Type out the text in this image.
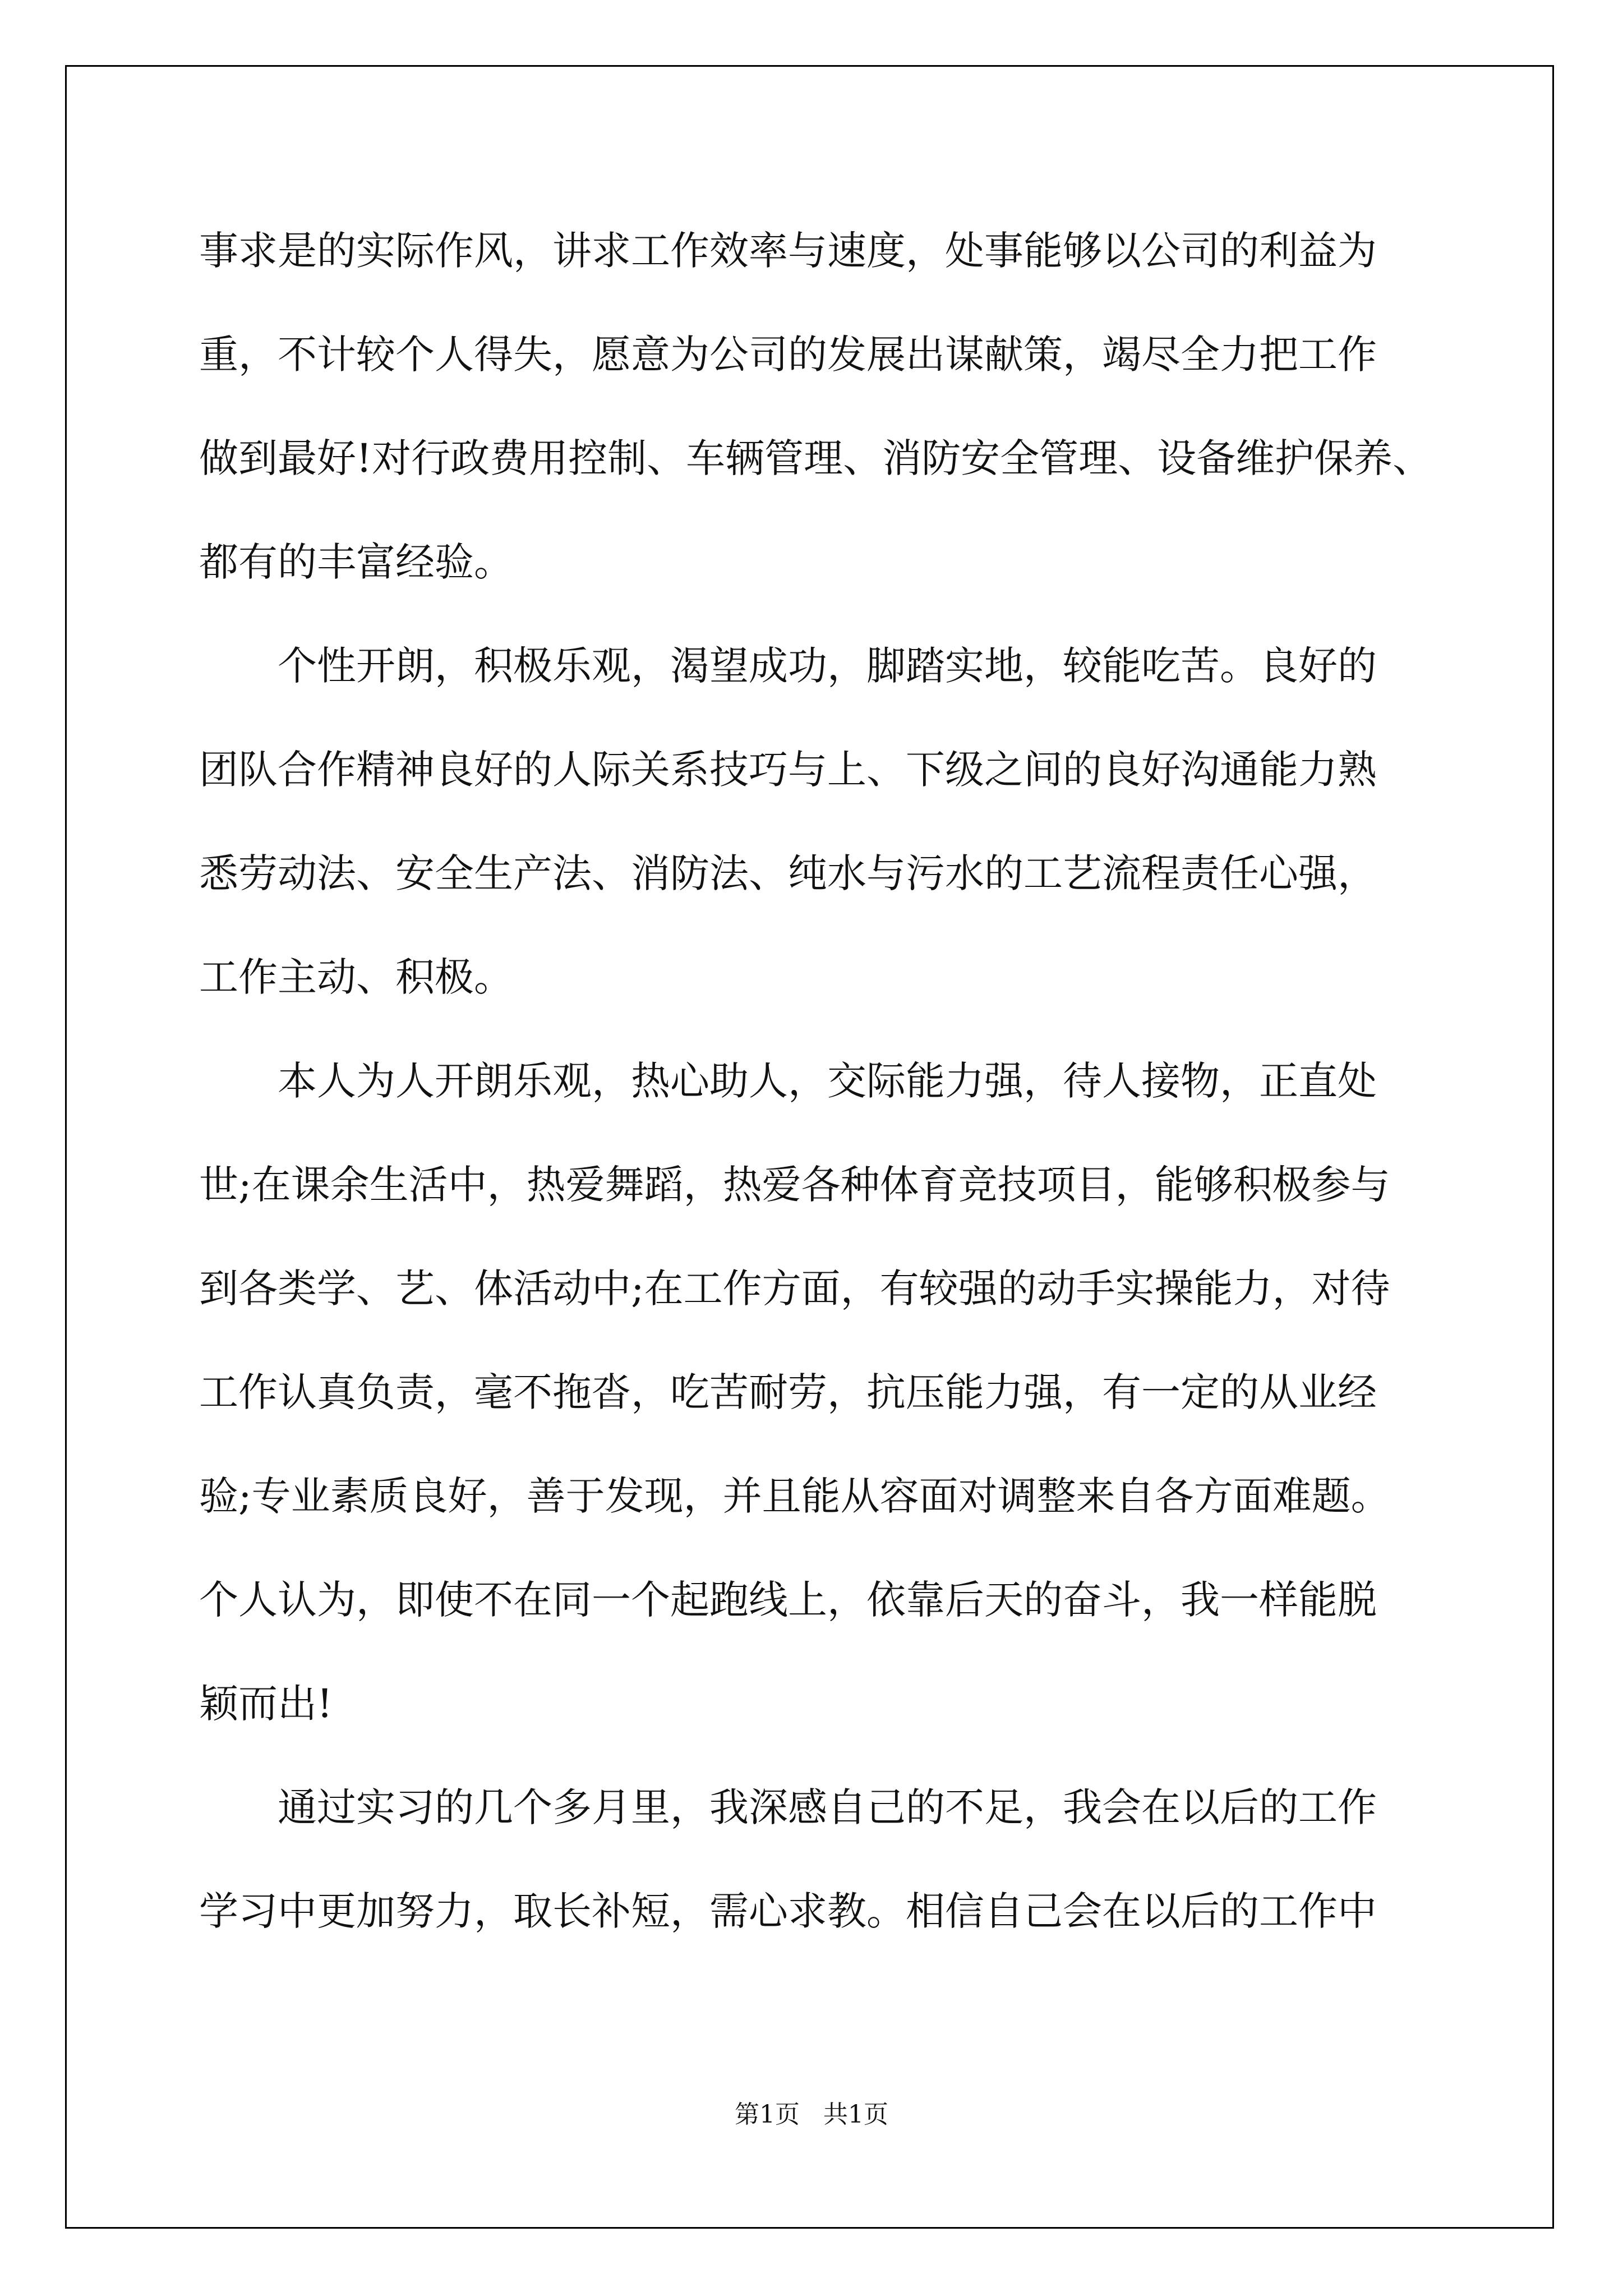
事求是的实际作风，讲求工作效率与速度，处事能够以公司的利益为

重，不计较个人得失，愿意为公司的发展出谋献策，竭尽全力把工作

做到最好!对行政费用控制、车辆管理、消防安全管理、设备维护保养、

都有的丰富经验。

个性开朗，积极乐观，渴望成功，脚踏实地，较能吃苦。良好的

团队合作精神良好的人际关系技巧与上、下级之间的良好沟通能力熟

悉劳动法、安全生产法、消防法、纯水与污水的工艺流程责任心强，

工作主动、积极。

本人为人开朗乐观，热心助人，交际能力强，待人接物，正直处

世;在课余生活中，热爱舞蹈，热爱各种体育竞技项目，能够积极参与

到各类学、艺、体活动中;在工作方面，有较强的动手实操能力，对待

工作认真负责，毫不拖沓，吃苦耐劳，抗压能力强，有一定的从业经

验;专业素质良好，善于发现，并且能从容面对调整来自各方面难题。

个人认为，即使不在同一个起跑线上，依靠后天的奋斗，我一样能脱

颖而出!

通过实习的几个多月里，我深感自己的不足，我会在以后的工作

学习中更加努力，取长补短，需心求教。相信自己会在以后的工作中

第1页   共1页
